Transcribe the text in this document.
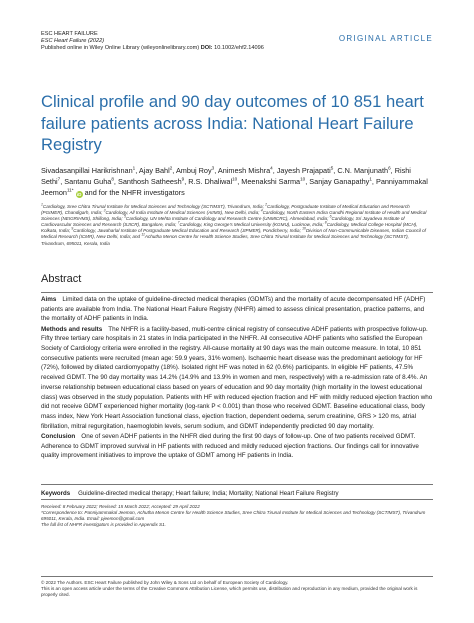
ESC HEART FAILURE
ESC Heart Failure (2022)
Published online in Wiley Online Library (wileyonlinelibrary.com) DOI: 10.1002/ehf2.14096
ORIGINAL ARTICLE
Clinical profile and 90 day outcomes of 10 851 heart failure patients across India: National Heart Failure Registry
Sivadasanpillai Harikrishnan$^1$, Ajay Bahl$^2$, Ambuj Roy$^3$, Animesh Mishra$^4$, Jayesh Prajapati$^5$, C.N. Manjunath$^6$, Rishi Sethi$^7$, Santanu Guha$^8$, Santhosh Satheesh$^9$, R.S. Dhaliwal$^{10}$, Meenakshi Sarma$^{10}$, Sanjay Ganapathy$^1$, Panniyammakal Jeemon$^{11*}$ iD and for the NHFR investigators
$^1$Cardiology, Sree Chitra Tirunal Institute for Medical Sciences and Technology (SCTIMST), Trivandrum, India; $^2$Cardiology, Postgraduate Institute of Medical Education and Research (PGIMER), Chandigarh, India; $^3$Cardiology, All India Institute of Medical Sciences (AIIMS), New Delhi, India; $^4$Cardiology, North Eastern Indira Gandhi Regional Institute of Health and Medical Sciences (NEIGRIHMS), Shillong, India; $^5$Cardiology, UN Mehta Institute of Cardiology and Research Centre (UNMICRC), Ahmedabad, India; $^6$Cardiology, Sri Jayadeva Institute of Cardiovascular Sciences and Research (SJICR), Bangalore, India; $^7$Cardiology, King George's Medical University (KGMU), Lucknow, India; $^8$Cardiology, Medical College Hospital (MCH), Kolkata, India; $^9$Cardiology, Jawaharlal Institute of Postgraduate Medical Education and Research (JIPMER), Pondicherry, India; $^{10}$Division of Non-Communicable Diseases, Indian Council of Medical Research (ICMR), New Delhi, India; and $^{11}$Achutha Menon Centre for Health Science Studies, Sree Chitra Tirunal Institute for Medical Sciences and Technology (SCTIMST), Trivandrum, 695011, Kerala, India
Abstract

Aims Limited data on the uptake of guideline-directed medical therapies (GDMTs) and the mortality of acute decompensated HF (ADHF) patients are available from India. The National Heart Failure Registry (NHFR) aimed to assess clinical presentation, practice patterns, and the mortality of ADHF patients in India.

Methods and results The NHFR is a facility-based, multi-centre clinical registry of consecutive ADHF patients with prospective follow-up. Fifty three tertiary care hospitals in 21 states in India participated in the NHFR. All consecutive ADHF patients who satisfied the European Society of Cardiology criteria were enrolled in the registry. All-cause mortality at 90 days was the main outcome measure. In total, 10 851 consecutive patients were recruited (mean age: 59.9 years, 31% women). Ischaemic heart disease was the predominant aetiology for HF (72%), followed by dilated cardiomyopathy (18%). Isolated right HF was noted in 62 (0.6%) participants. In eligible HF patients, 47.5% received GDMT. The 90 day mortality was 14.2% (14.9% and 13.9% in women and men, respectively) with a re-admission rate of 8.4%. An inverse relationship between educational class based on years of education and 90 day mortality (high mortality in the lowest educational class) was observed in the study population. Patients with HF with reduced ejection fraction and HF with mildly reduced ejection fraction who did not receive GDMT experienced higher mortality (log-rank P < 0.001) than those who received GDMT. Baseline educational class, body mass index, New York Heart Association functional class, ejection fraction, dependent oedema, serum creatinine, GRS > 120 ms, atrial fibrillation, mitral regurgitation, haemoglobin levels, serum sodium, and GDMT independently predicted 90 day mortality.

Conclusion One of seven ADHF patients in the NHFR died during the first 90 days of follow-up. One of two patients received GDMT. Adherence to GDMT improved survival in HF patients with reduced and mildly reduced ejection fractions. Our findings call for innovative quality improvement initiatives to improve the uptake of GDMT among HF patients in India.

Keywords Guideline-directed medical therapy; Heart failure; India; Mortality; National Heart Failure Registry
Received: 8 February 2022; Revised: 15 March 2022; Accepted: 29 April 2022
*Correspondence to: Panniyammakal Jeemon, Achutha Menon Centre for Health Science Studies, Sree Chitra Tirunal Institute for Medical Sciences and Technology (SCTIMST), Trivandrum 695011, Kerala, India. Email: pjeemon@gmail.com
The full list of NHFR investigators is provided in Appendix S1.
© 2022 The Authors. ESC Heart Failure published by John Wiley & Sons Ltd on behalf of European Society of Cardiology.
This is an open access article under the terms of the Creative Commons Attribution License, which permits use, distribution and reproduction in any medium, provided the original work is properly cited.
